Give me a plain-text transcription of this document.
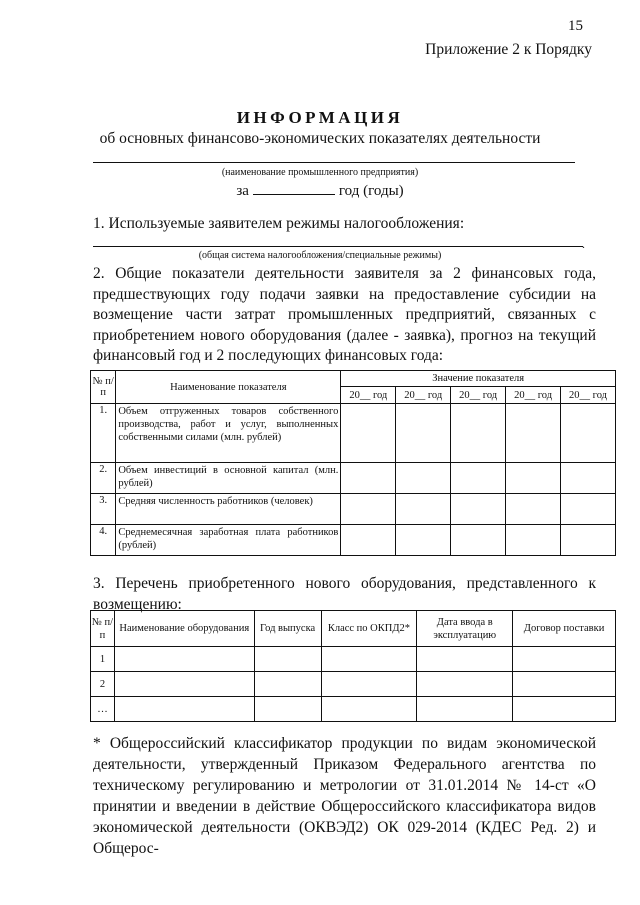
15
Приложение 2 к Порядку
ИНФОРМАЦИЯ
об основных финансово-экономических показателях деятельности
(наименование промышленного предприятия)
за	год (годы)
1. Используемые заявителем режимы налогообложения:
.
(общая система налогообложения/специальные режимы)
2. Общие показатели деятельности заявителя за 2 финансовых года, предшествующих году подачи заявки на предоставление субсидии на возмещение части затрат промышленных предприятий, связанных с приобретением нового оборудования (далее - заявка), прогноз на текущий финансовый год и 2 последующих финансовых года:
№ п/п	Наименование показателя	Значение показателя				
		20__ год	20__ год	20__ год	20__ год	20__ год
1.	Объем отгруженных товаров собственного производства, работ и услуг, выполненных собственными силами (млн. рублей)					
2.	Объем инвестиций в основной капитал (млн. рублей)					
3.	Средняя численность работников (человек)					
4.	Среднемесячная заработная плата работников (рублей)					
3. Перечень приобретенного нового оборудования, представленного к возмещению:
№ п/п	Наименование оборудования	Год выпуска	Класс по ОКПД2*	Дата ввода в эксплуатацию	Договор поставки
1					
2					
…					
* Общероссийский классификатор продукции по видам экономической деятельности, утвержденный Приказом Федерального агентства по техническому регулированию и метрологии от 31.01.2014 № 14-ст «О принятии и введении в действие Общероссийского классификатора видов экономической деятельности (ОКВЭД2) ОК 029-2014 (КДЕС Ред. 2) и Общерос-
